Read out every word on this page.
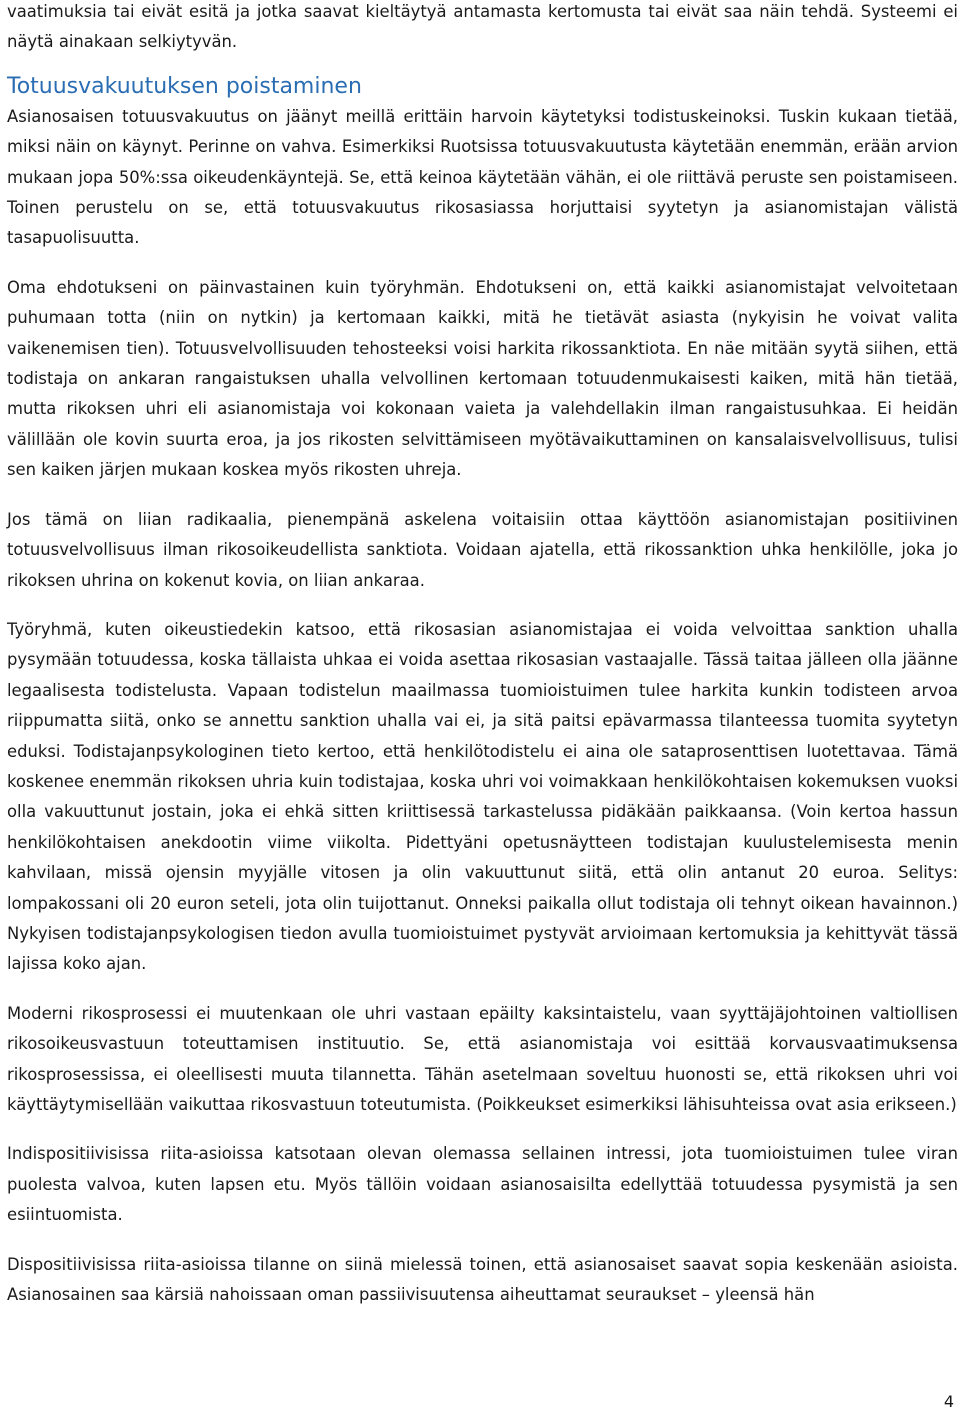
vaatimuksia tai eivät esitä ja jotka saavat kieltäytyä antamasta kertomusta tai eivät saa näin tehdä. Systeemi ei näytä ainakaan selkiytyvän.

Totuusvakuutuksen poistaminen

Asianosaisen totuusvakuutus on jäänyt meillä erittäin harvoin käytetyksi todistuskeinoksi. Tuskin kukaan tietää, miksi näin on käynyt. Perinne on vahva. Esimerkiksi Ruotsissa totuusvakuutusta käytetään enemmän, erään arvion mukaan jopa 50%:ssa oikeudenkäyntejä. Se, että keinoa käytetään vähän, ei ole riittävä peruste sen poistamiseen. Toinen perustelu on se, että totuusvakuutus rikosasiassa horjuttaisi syytetyn ja asianomistajan välistä tasapuolisuutta.

Oma ehdotukseni on päinvastainen kuin työryhmän. Ehdotukseni on, että kaikki asianomistajat velvoitetaan puhumaan totta (niin on nytkin) ja kertomaan kaikki, mitä he tietävät asiasta (nykyisin he voivat valita vaikenemisen tien). Totuusvelvollisuuden tehosteeksi voisi harkita rikossanktiota. En näe mitään syytä siihen, että todistaja on ankaran rangaistuksen uhalla velvollinen kertomaan totuudenmukaisesti kaiken, mitä hän tietää, mutta rikoksen uhri eli asianomistaja voi kokonaan vaieta ja valehdellakin ilman rangaistusuhkaa. Ei heidän välillään ole kovin suurta eroa, ja jos rikosten selvittämiseen myötävaikuttaminen on kansalaisvelvollisuus, tulisi sen kaiken järjen mukaan koskea myös rikosten uhreja.

Jos tämä on liian radikaalia, pienempänä askelena voitaisiin ottaa käyttöön asianomistajan positiivinen totuusvelvollisuus ilman rikosoikeudellista sanktiota. Voidaan ajatella, että rikossanktion uhka henkilölle, joka jo rikoksen uhrina on kokenut kovia, on liian ankaraa.

Työryhmä, kuten oikeustiedekin katsoo, että rikosasian asianomistajaa ei voida velvoittaa sanktion uhalla pysymään totuudessa, koska tällaista uhkaa ei voida asettaa rikosasian vastaajalle. Tässä taitaa jälleen olla jäänne legaalisesta todistelusta. Vapaan todistelun maailmassa tuomioistuimen tulee harkita kunkin todisteen arvoa riippumatta siitä, onko se annettu sanktion uhalla vai ei, ja sitä paitsi epävarmassa tilanteessa tuomita syytetyn eduksi. Todistajanpsykologinen tieto kertoo, että henkilötodistelu ei aina ole sataprosenttisen luotettavaa. Tämä koskenee enemmän rikoksen uhria kuin todistajaa, koska uhri voi voimakkaan henkilökohtaisen kokemuksen vuoksi olla vakuuttunut jostain, joka ei ehkä sitten kriittisessä tarkastelussa pidäkään paikkaansa. (Voin kertoa hassun henkilökohtaisen anekdootin viime viikolta. Pidettyäni opetusnäytteen todistajan kuulustelemisesta menin kahvilaan, missä ojensin myyjälle vitosen ja olin vakuuttunut siitä, että olin antanut 20 euroa. Selitys: lompakossani oli 20 euron seteli, jota olin tuijottanut. Onneksi paikalla ollut todistaja oli tehnyt oikean havainnon.) Nykyisen todistajanpsykologisen tiedon avulla tuomioistuimet pystyvät arvioimaan kertomuksia ja kehittyvät tässä lajissa koko ajan.

Moderni rikosprosessi ei muutenkaan ole uhri vastaan epäilty kaksintaistelu, vaan syyttäjäjohtoinen valtiollisen rikosoikeusvastuun toteuttamisen instituutio. Se, että asianomistaja voi esittää korvausvaatimuksensa rikosprosessissa, ei oleellisesti muuta tilannetta. Tähän asetelmaan soveltuu huonosti se, että rikoksen uhri voi käyttäytymisellään vaikuttaa rikosvastuun toteutumista. (Poikkeukset esimerkiksi lähisuhteissa ovat asia erikseen.)

Indispositiivisissa riita-asioissa katsotaan olevan olemassa sellainen intressi, jota tuomioistuimen tulee viran puolesta valvoa, kuten lapsen etu. Myös tällöin voidaan asianosaisilta edellyttää totuudessa pysymistä ja sen esiintuomista.

Dispositiivisissa riita-asioissa tilanne on siinä mielessä toinen, että asianosaiset saavat sopia keskenään asioista. Asianosainen saa kärsiä nahoissaan oman passiivisuutensa aiheuttamat seuraukset – yleensä hän

4
